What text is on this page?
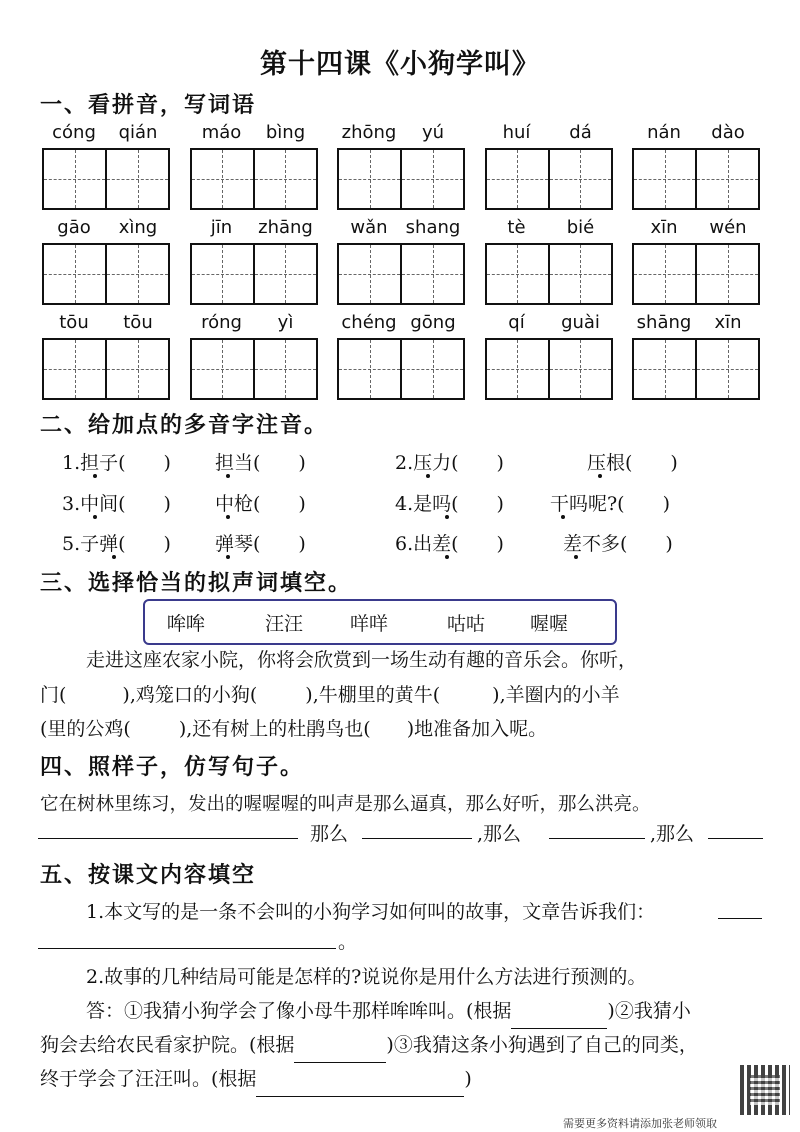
第十四课《小狗学叫》
一、看拼音，写词语
cóng	qián	máo	bìng	zhōng	yú	huí	dá	nán	dào
gāo	xìng	jīn	zhāng	wǎn	shang	tè	bié	xīn	wén
tōu	tōu	róng	yì	chéng gōng	qí	guài	shāng	xīn
二、给加点的多音字注音。
1.担子(　　) 担当(　　)	2.压力(　　)	压根(　　)
3.中间(　　) 中枪(　　)	4.是吗(　　) 干吗呢?(　　)
5.子弹(　　) 弹琴(　　)	6.出差(　　)	差不多(　　)
三、选择恰当的拟声词填空。
哞哞	汪汪 咩咩	咕咕 喔喔
走进这座农家小院，你将会欣赏到一场生动有趣的音乐会。你听，
门(	),鸡笼口的小狗(	),牛棚里的黄牛(	),羊圈内的小羊
(里的公鸡(	),还有树上的杜鹃鸟也( )地准备加入呢。
四、照样子，仿写句子。
它在树林里练习，发出的喔喔喔的叫声是那么逼真，那么好听，那么洪亮。
那么	,那么	,那么
五、按课文内容填空
1.本文写的是一条不会叫的小狗学习如何叫的故事，文章告诉我们：
。
2.故事的几种结局可能是怎样的?说说你是用什么方法进行预测的。
答：①我猜小狗学会了像小母牛那样哞哞叫。(根据	)②我猜小
狗会去给农民看家护院。(根据	)③我猜这条小狗遇到了自己的同类，
终于学会了汪汪叫。(根据	)
需要更多资料请添加张老师领取
